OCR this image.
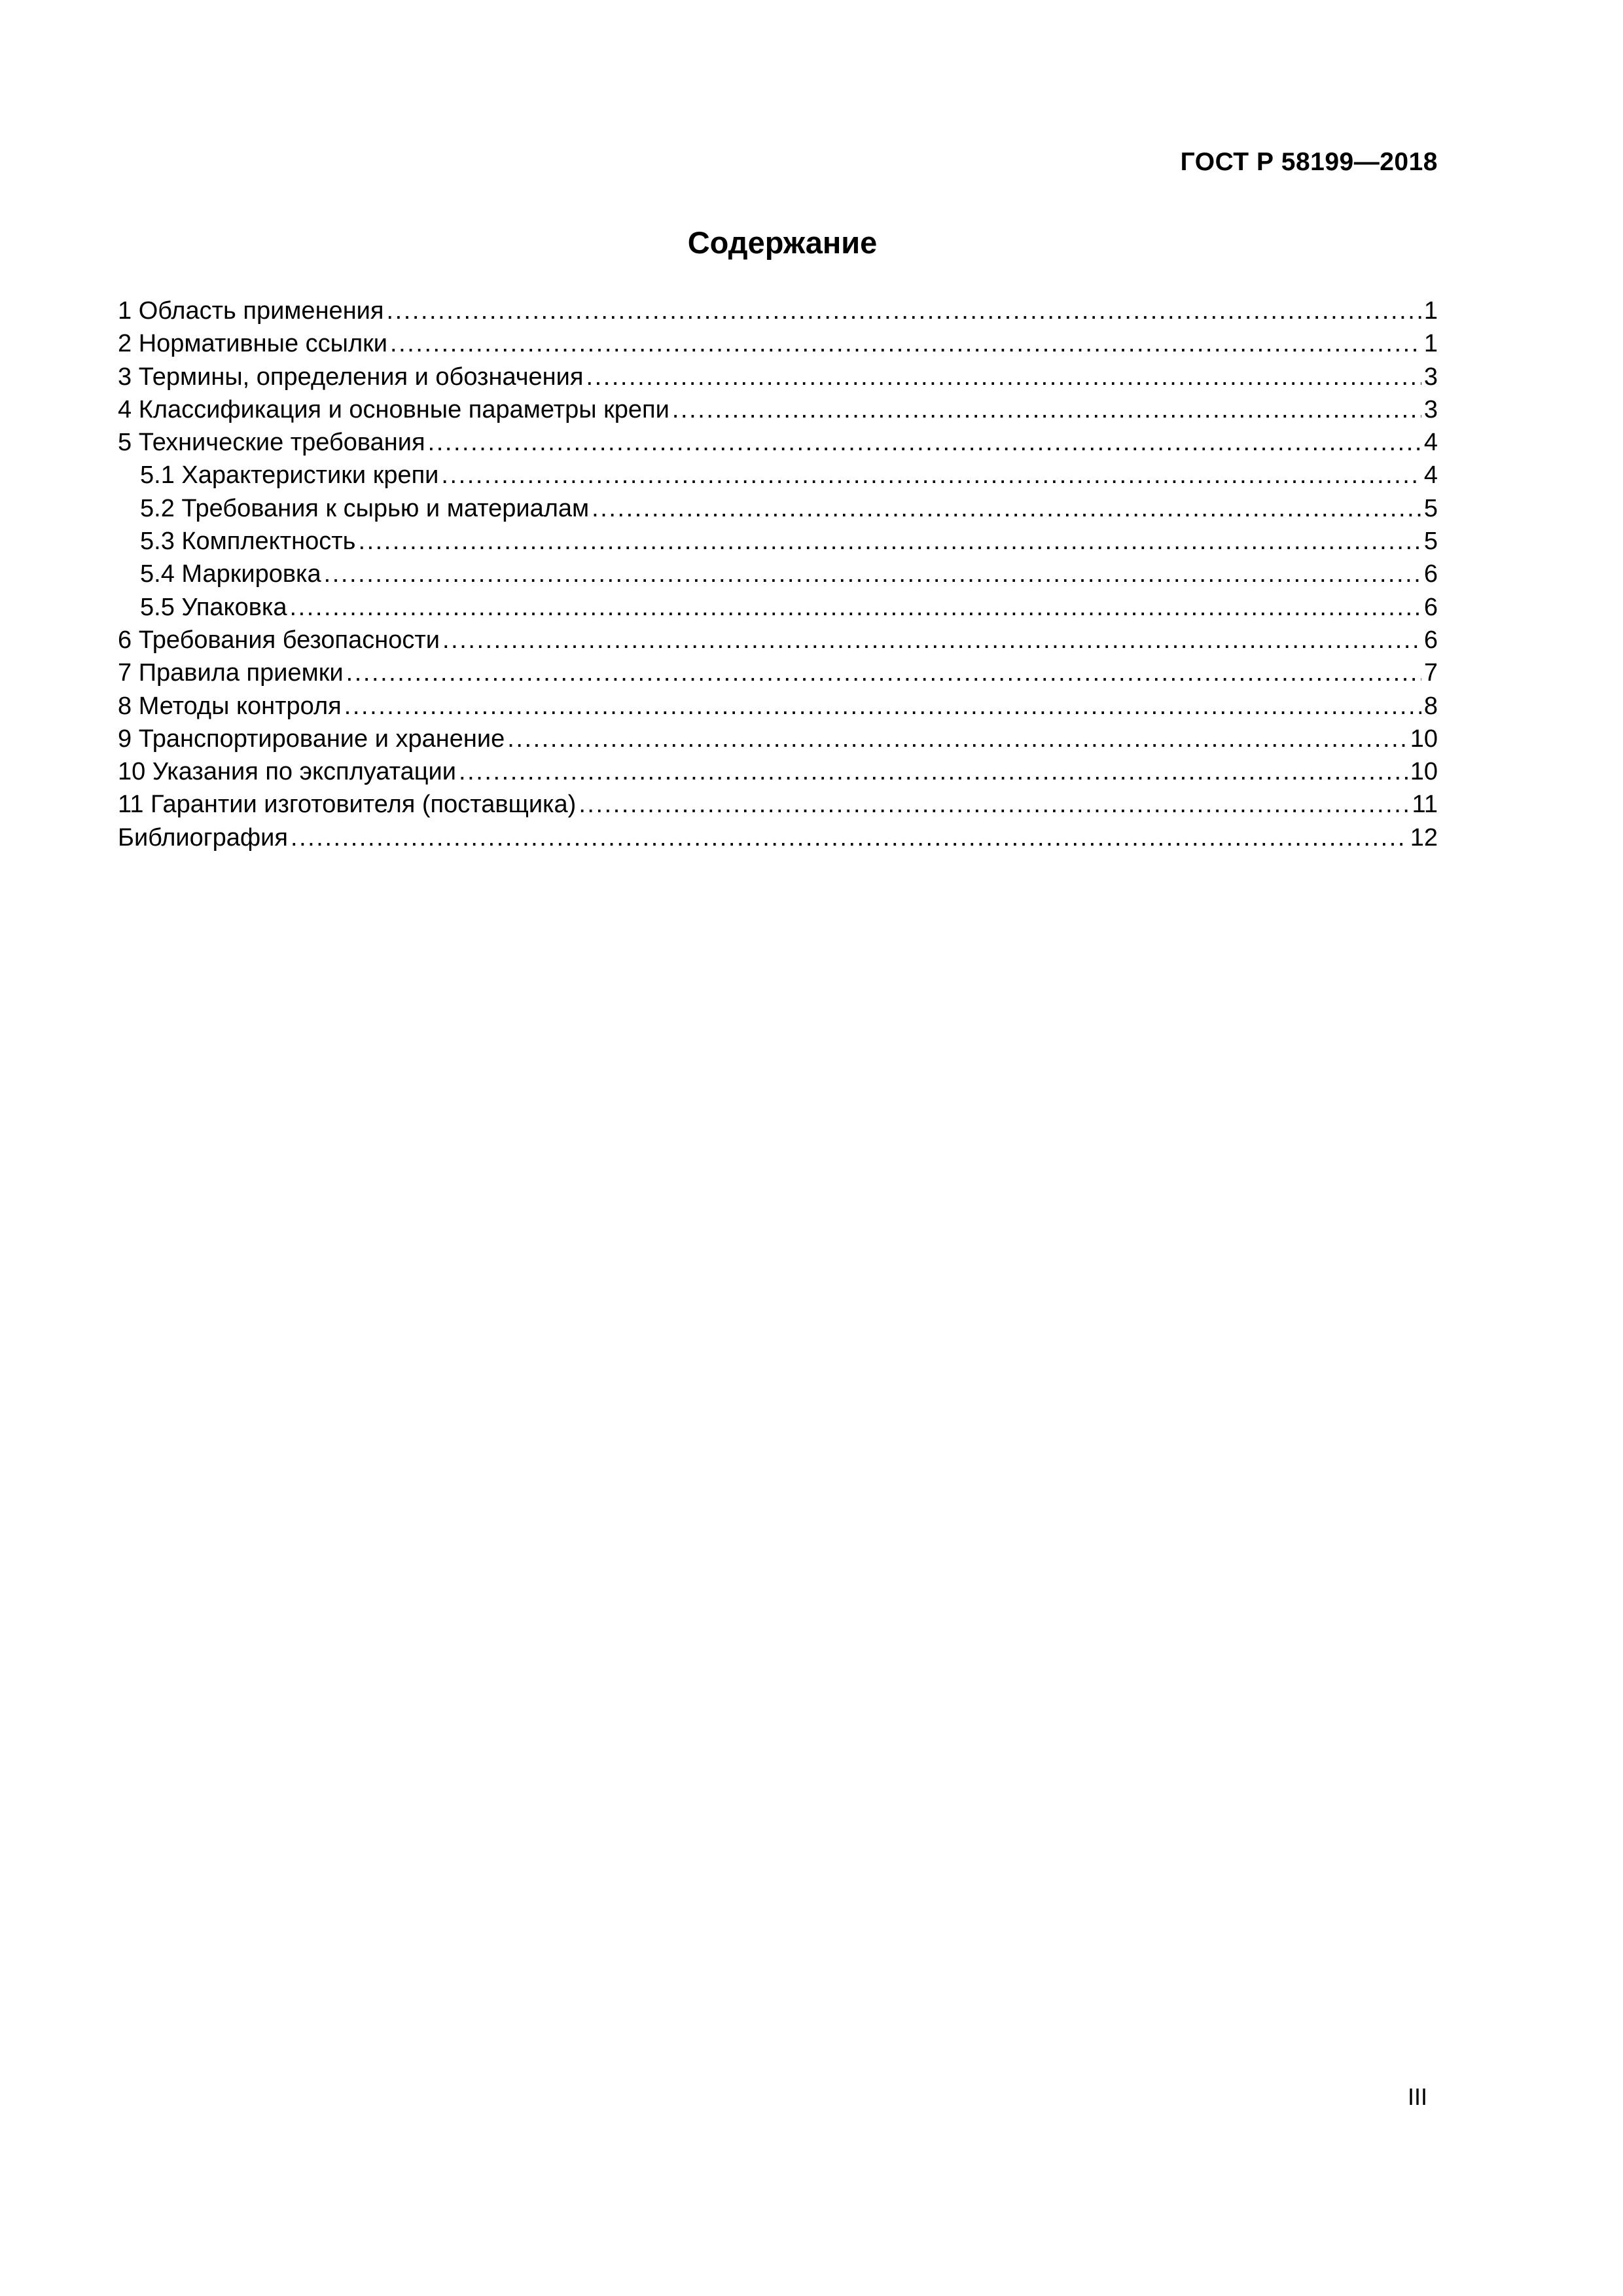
ГОСТ Р 58199—2018
Содержание
1 Область применения . . .	1
2 Нормативные ссылки . . .	1
3 Термины, определения и обозначения . . .	3
4 Классификация и основные параметры крепи . . .	3
5 Технические требования . . .	4
5.1 Характеристики крепи . . .	4
5.2 Требования к сырью и материалам . . .	5
5.3 Комплектность . . .	5
5.4 Маркировка . . .	6
5.5 Упаковка . . .	6
6 Требования безопасности . . .	6
7 Правила приемки . . .	7
8 Методы контроля . . .	8
9 Транспортирование и хранение . . .	10
10 Указания по эксплуатации . . .	10
11 Гарантии изготовителя (поставщика) . . .	11
Библиография . . .	12
III
